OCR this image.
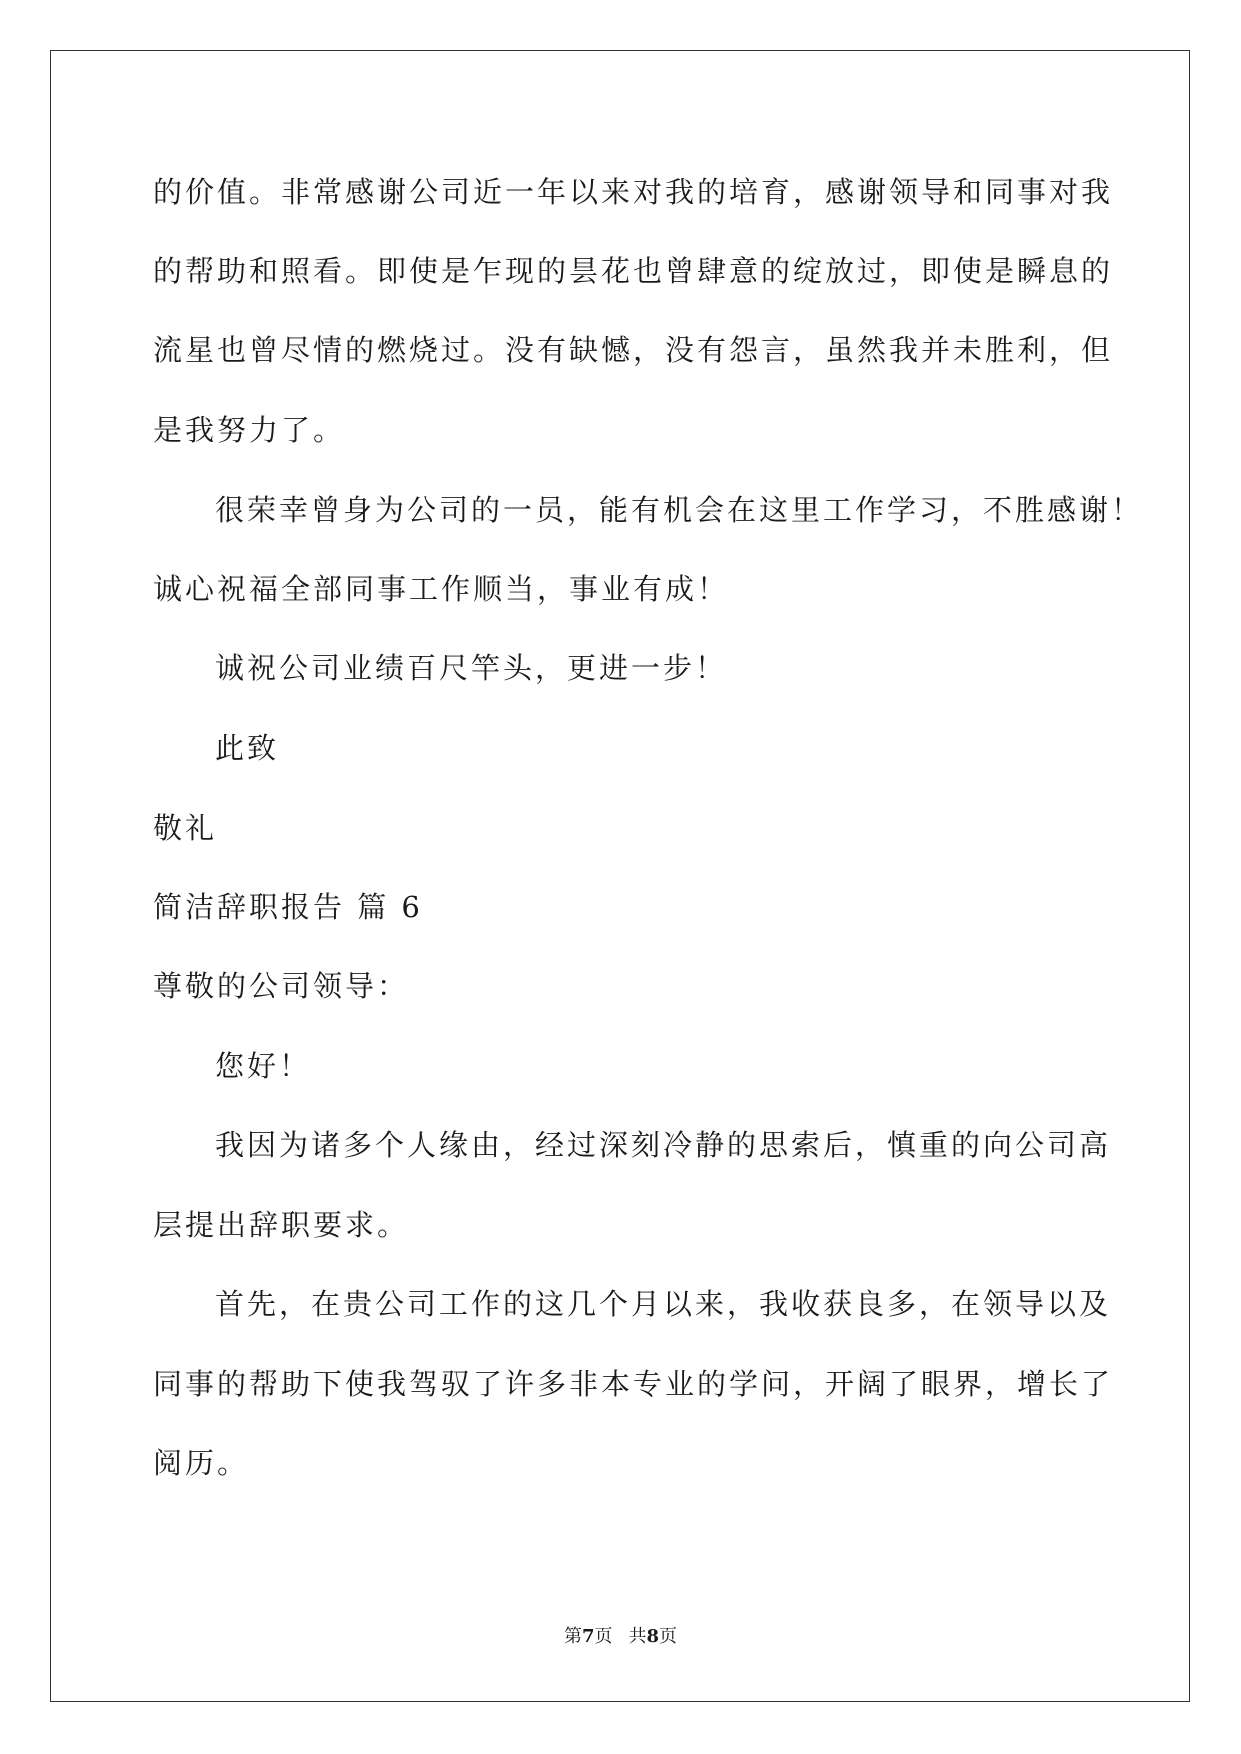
的价值。非常感谢公司近一年以来对我的培育，感谢领导和同事对我
的帮助和照看。即使是乍现的昙花也曾肆意的绽放过，即使是瞬息的
流星也曾尽情的燃烧过。没有缺憾，没有怨言，虽然我并未胜利，但
是我努力了。
很荣幸曾身为公司的一员，能有机会在这里工作学习，不胜感谢！
诚心祝福全部同事工作顺当，事业有成！
诚祝公司业绩百尺竿头，更进一步！
此致
敬礼
简洁辞职报告 篇 6
尊敬的公司领导：
您好！
我因为诸多个人缘由，经过深刻冷静的思索后，慎重的向公司高
层提出辞职要求。
首先，在贵公司工作的这几个月以来，我收获良多，在领导以及
同事的帮助下使我驾驭了许多非本专业的学问，开阔了眼界，增长了
阅历。
第7页 共8页
